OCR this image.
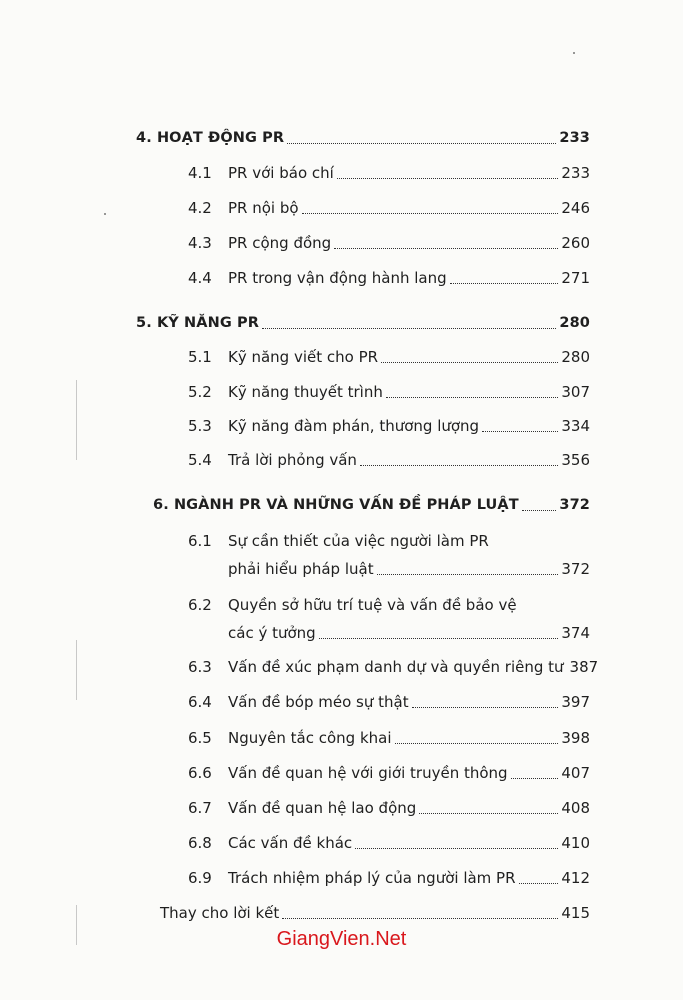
4. HOẠT ĐỘNG PR	233
4.1	PR với báo chí	233
4.2	PR nội bộ	246
4.3	PR cộng đồng	260
4.4	PR trong vận động hành lang	271
5. KỸ NĂNG PR	280
5.1	Kỹ năng viết cho PR	280
5.2	Kỹ năng thuyết trình	307
5.3	Kỹ năng đàm phán, thương lượng	334
5.4	Trả lời phỏng vấn	356
6. NGÀNH PR VÀ NHỮNG VẤN ĐỀ PHÁP LUẬT	372
6.1 Sự cần thiết của việc người làm PR
phải hiểu pháp luật	372
6.2 Quyền sở hữu trí tuệ và vấn đề bảo vệ
các ý tưởng	374
6.3	Vấn đề xúc phạm danh dự và quyền riêng tư 387
6.4	Vấn đề bóp méo sự thật	397
6.5	Nguyên tắc công khai	398
6.6	Vấn đề quan hệ với giới truyền thông	407
6.7	Vấn đề quan hệ lao động	408
6.8	Các vấn đề khác	410
6.9	Trách nhiệm pháp lý của người làm PR	412
Thay cho lời kết	415
GiangVien.Net
